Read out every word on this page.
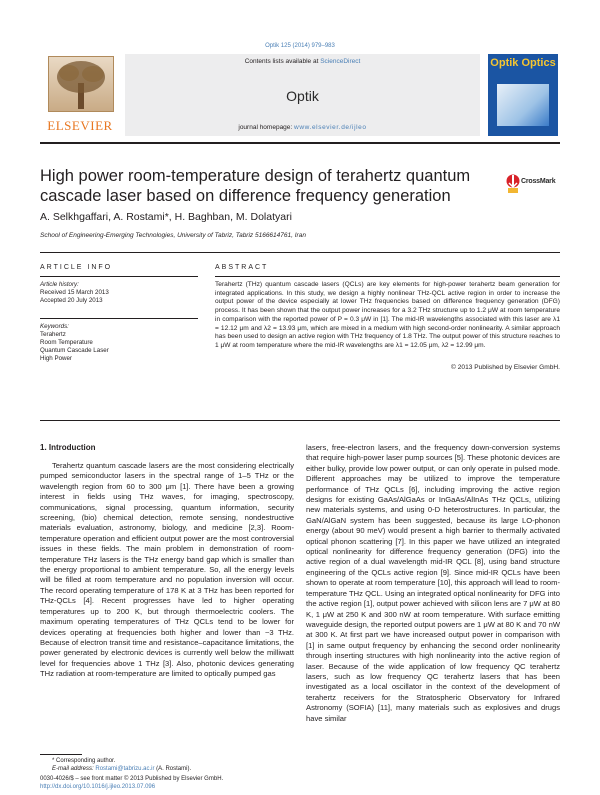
Optik 125 (2014) 979–983
ELSEVIER
Contents lists available at ScienceDirect
Optik
journal homepage: www.elsevier.de/ijleo
Optik Optics
High power room-temperature design of terahertz quantum cascade laser based on difference frequency generation
CrossMark
A. Selkhgaffari, A. Rostami*, H. Baghban, M. Dolatyari
School of Engineering-Emerging Technologies, University of Tabriz, Tabriz 5166614761, Iran
ARTICLE INFO
Article history:
Received 15 March 2013
Accepted 20 July 2013
Keywords:
Terahertz
Room Temperature
Quantum Cascade Laser
High Power
ABSTRACT
Terahertz (THz) quantum cascade lasers (QCLs) are key elements for high-power terahertz beam generation for integrated applications. In this study, we design a highly nonlinear THz-QCL active region in order to increase the output power of the device especially at lower THz frequencies based on difference frequency generation (DFG) process. It has been shown that the output power increases for a 3.2 THz structure up to 1.2 μW at room temperature in comparison with the reported power of P = 0.3 μW in [1]. The mid-IR wavelengths associated with this laser are λ1 = 12.12 μm and λ2 = 13.93 μm, which are mixed in a medium with high second-order nonlinearity. A similar approach has been used to design an active region with THz frequency of 1.8 THz. The output power of this structure reaches to 1 μW at room temperature where the mid-IR wavelengths are λ1 = 12.05 μm, λ2 = 12.99 μm.
© 2013 Published by Elsevier GmbH.
1. Introduction
Terahertz quantum cascade lasers are the most considering electrically pumped semiconductor lasers in the spectral range of 1–5 THz or the wavelength region from 60 to 300 μm [1]. There have been a growing interest in fields using THz waves, for imaging, spectroscopy, communications, signal processing, quantum information, security screening, (bio) chemical detection, remote sensing, nondestructive materials evaluation, astronomy, biology, and medicine [2,3]. Room-temperature operation and efficient output power are the most controversial issues in these fields. The main problem in demonstration of room- temperature THz lasers is the THz energy band gap which is smaller than the energy proportional to ambient temperature. So, all the energy levels will be filled at room temperature and no population inversion will occur. The record operating temperature of 178 K at 3 THz has been reported for THz-QCLs [4]. Recent progresses have led to higher operating temperatures up to 200 K, but through thermoelectric coolers. The maximum operating temperatures of THz QCLs tend to be lower for devices operating at frequencies both higher and lower than ~3 THz. Because of electron transit time and resistance–capacitance limitations, the power generated by electronic devices is currently well below the milliwatt level for frequencies above 1 THz [3]. Also, photonic devices generating THz radiation at room-temperature are limited to optically pumped gas
lasers, free-electron lasers, and the frequency down-conversion systems that require high-power laser pump sources [5]. These photonic devices are either bulky, provide low power output, or can only operate in pulsed mode. Different approaches may be utilized to improve the temperature performance of THz QCLs [6], including improving the active region designs for existing GaAs/AlGaAs or InGaAs/AlInAs THz QCLs, utilizing new materials systems, and using 0-D heterostructures. In particular, the GaN/AlGaN system has been suggested, because its large LO-phonon energy (about 90 meV) would present a high barrier to thermally activated optical phonon scattering [7]. In this paper we have utilized an integrated optical nonlinearity for difference frequency generation (DFG) into the active region of a dual wavelength mid-IR QCL [8], using band structure engineering of the QCLs active region [9]. Since mid-IR QCLs have been shown to operate at room temperature [10], this approach will lead to room-temperature THz QCL. Using an integrated optical nonlinearity for DFG into the active region [1], output power achieved with silicon lens are 7 μW at 80 K, 1 μW at 250 K and 300 nW at room temperature. With surface emitting waveguide design, the reported output powers are 1 μW at 80 K and 70 nW at 300 K. At first part we have increased output power in comparison with [1] in same output frequency by enhancing the second order nonlinearity through inserting structures with high nonlinearity into the active region of laser. Because of the wide application of low frequency QC terahertz lasers, such as low frequency QC terahertz lasers that has been investigated as a local oscillator in the context of the development of terahertz receivers for the Stratospheric Observatory for Infrared Astronomy (SOFIA) [11], many materials such as explosives and drugs have similar
* Corresponding author.
E-mail address: Rostami@tabrizu.ac.ir (A. Rostami).
0030-4026/$ – see front matter © 2013 Published by Elsevier GmbH.
http://dx.doi.org/10.1016/j.ijleo.2013.07.096
